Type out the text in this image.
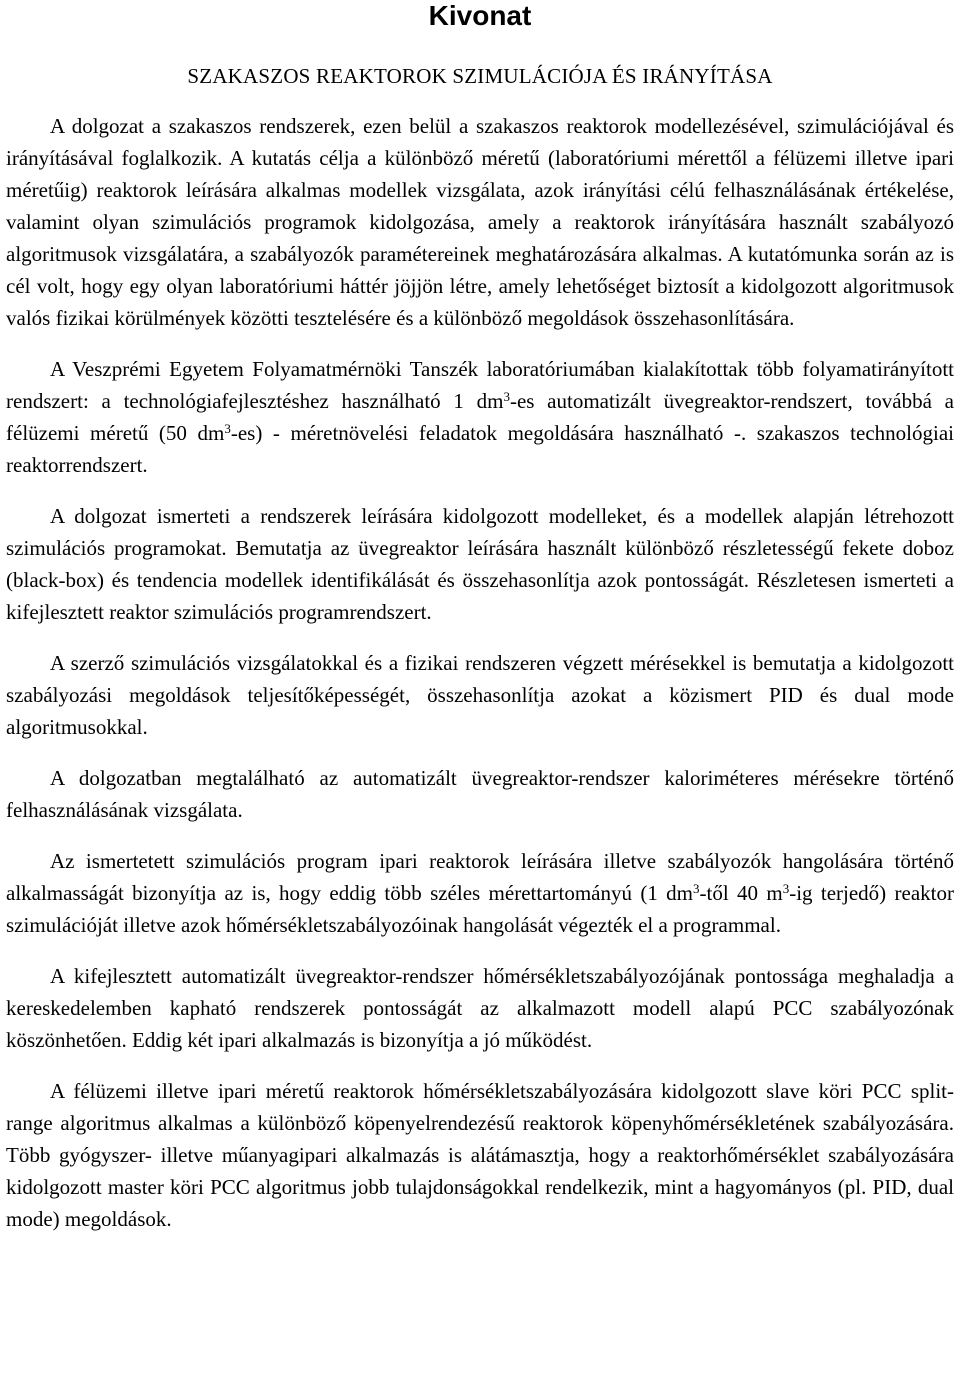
Kivonat
SZAKASZOS REAKTOROK SZIMULÁCIÓJA ÉS IRÁNYÍTÁSA

A dolgozat a szakaszos rendszerek, ezen belül a szakaszos reaktorok modellezésével, szimulációjával és irányításával foglalkozik. A kutatás célja a különböző méretű (laboratóriumi mérettől a félüzemi illetve ipari méretűig) reaktorok leírására alkalmas modellek vizsgálata, azok irányítási célú felhasználásának értékelése, valamint olyan szimulációs programok kidolgozása, amely a reaktorok irányítására használt szabályozó algoritmusok vizsgálatára, a szabályozók paramétereinek meghatározására alkalmas. A kutatómunka során az is cél volt, hogy egy olyan laboratóriumi háttér jöjjön létre, amely lehetőséget biztosít a kidolgozott algoritmusok valós fizikai körülmények közötti tesztelésére és a különböző megoldások összehasonlítására.

A Veszprémi Egyetem Folyamatmérnöki Tanszék laboratóriumában kialakítottak több folyamatirányított rendszert: a technológiafejlesztéshez használható 1 $dm^3-es$ automatizált üvegreaktor-rendszert, továbbá a félüzemi méretű (50 $dm^3-es$) - méretnövelési feladatok megoldására használható -. szakaszos technológiai reaktorrendszert.

A dolgozat ismerteti a rendszerek leírására kidolgozott modelleket, és a modellek alapján létrehozott szimulációs programokat. Bemutatja az üvegreaktor leírására használt különböző részletességű fekete doboz (black-box) és tendencia modellek identifikálását és összehasonlítja azok pontosságát. Részletesen ismerteti a kifejlesztett reaktor szimulációs programrendszert.

A szerző szimulációs vizsgálatokkal és a fizikai rendszeren végzett mérésekkel is bemutatja a kidolgozott szabályozási megoldások teljesítőképességét, összehasonlítja azokat a közismert PID és dual mode algoritmusokkal.

A dolgozatban megtalálható az automatizált üvegreaktor-rendszer kaloriméteres mérésekre történő felhasználásának vizsgálata.

Az ismertetett szimulációs program ipari reaktorok leírására illetve szabályozók hangolására történő alkalmasságát bizonyítja az is, hogy eddig több széles mérettartományú (1 $dm^3$-től 40 $m^3-ig$ terjedő) reaktor szimulációját illetve azok hőmérsékletszabályozóinak hangolását végezték el a programmal.

A kifejlesztett automatizált üvegreaktor-rendszer hőmérsékletszabályozójának pontossága meghaladja a kereskedelemben kapható rendszerek pontosságát az alkalmazott modell alapú PCC szabályozónak köszönhetően. Eddig két ipari alkalmazás is bizonyítja a jó működést.

A félüzemi illetve ipari méretű reaktorok hőmérsékletszabályozására kidolgozott slave köri PCC split-range algoritmus alkalmas a különböző köpenyelrendezésű reaktorok köpenyhőmérsékletének szabályozására. Több gyógyszer- illetve műanyagipari alkalmazás is alátámasztja, hogy a reaktorhőmérséklet szabályozására kidolgozott master köri PCC algoritmus jobb tulajdonságokkal rendelkezik, mint a hagyományos (pl. PID, dual mode) megoldások.
